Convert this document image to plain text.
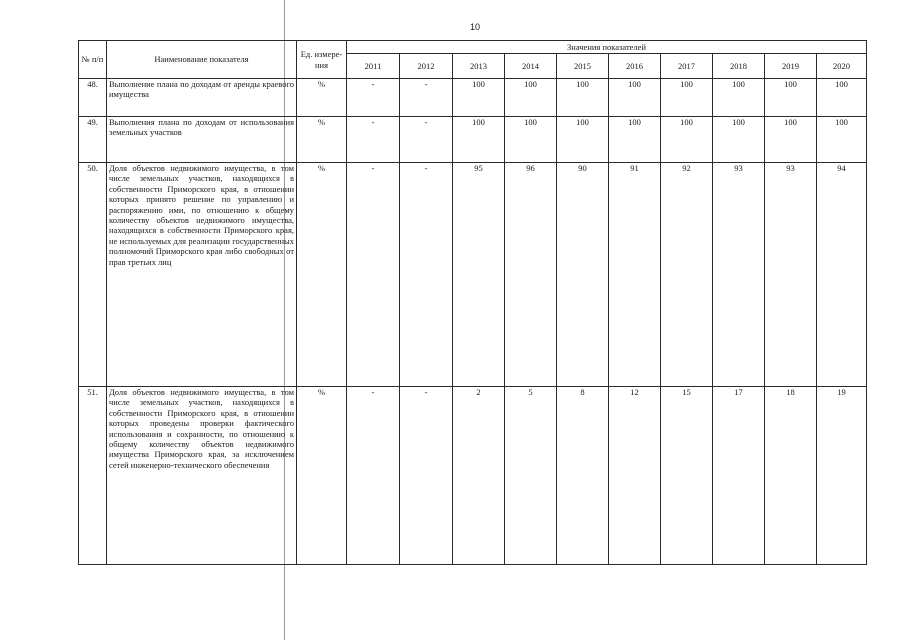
10
№ п/п	Наименование показателя	Ед. измере-ния	Значения показателей									
			2011	2012	2013	2014	2015	2016	2017	2018	2019	2020
48.	Выполнение плана по доходам от аренды краевого имущества	%	-	-	100	100	100	100	100	100	100	100
49.	Выполнения плана по доходам от использования земельных участков	%	-	-	100	100	100	100	100	100	100	100
50.	Доля объектов недвижимого имущества, в том числе земельных участков, находящихся в собственности Приморского края, в отношении которых принято решение по управлению и распоряжению ими, по отношению к общему количеству объектов недвижимого имущества, находящихся в собственности Приморского края, не используемых для реализации государственных полномочий Приморского края либо свободных от прав третьих лиц	%	-	-	95	96	90	91	92	93	93	94
51.	Доля объектов недвижимого имущества, в том числе земельных участков, находящихся в собственности Приморского края, в отношении которых проведены проверки фактического использования и сохранности, по отношению к общему количеству объектов недвижимого имущества Приморского края, за исключением сетей инженерно-технического обеспечения	%	-	-	2	5	8	12	15	17	18	19
